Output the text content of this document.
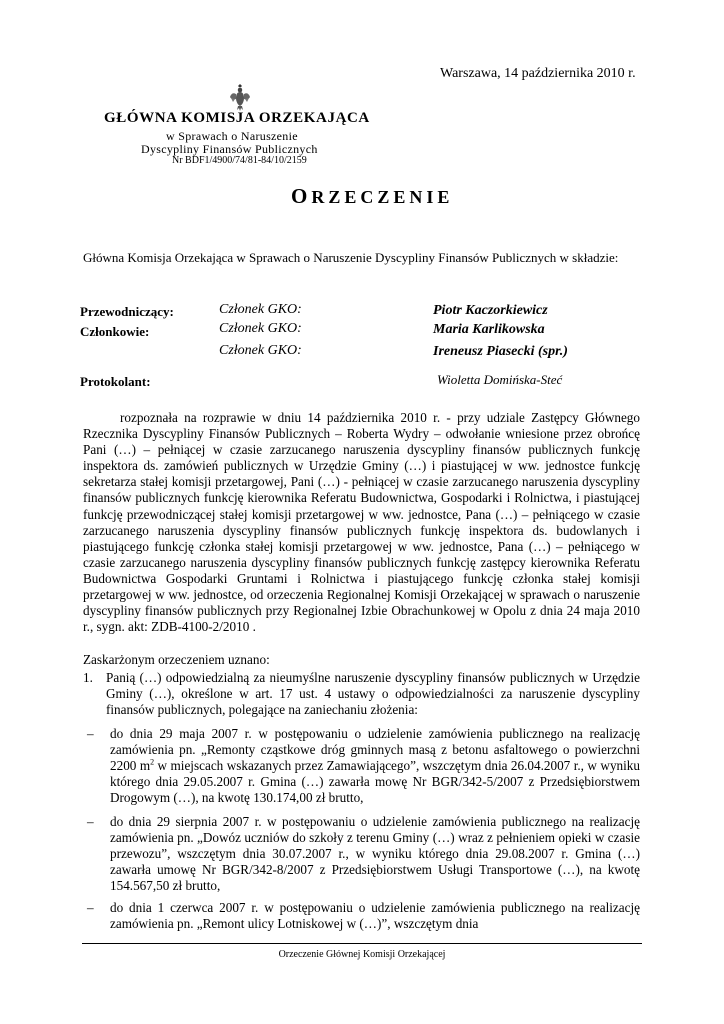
Warszawa, 14 października 2010 r.
GŁÓWNA KOMISJA ORZEKAJĄCA
w Sprawach o Naruszenie
Dyscypliny Finansów Publicznych
Nr BDF1/4900/74/81-84/10/2159
ORZECZENIE
Główna Komisja Orzekająca w Sprawach o Naruszenie Dyscypliny Finansów Publicznych w składzie:
Przewodniczący:
Członkowie:
Protokolant:
Członek GKO:
Członek GKO:
Członek GKO:
Piotr Kaczorkiewicz
Maria Karlikowska
Ireneusz Piasecki (spr.)
Wioletta Domińska-Steć
rozpoznała na rozprawie w dniu 14 października 2010 r. - przy udziale Zastępcy Głównego Rzecznika Dyscypliny Finansów Publicznych – Roberta Wydry – odwołanie wniesione przez obrońcę Pani (…) – pełniącej w czasie zarzucanego naruszenia dyscypliny finansów publicznych funkcję inspektora ds. zamówień publicznych w Urzędzie Gminy (…) i piastującej w ww. jednostce funkcję sekretarza stałej komisji przetargowej, Pani (…) - pełniącej w czasie zarzucanego naruszenia dyscypliny finansów publicznych funkcję kierownika Referatu Budownictwa, Gospodarki i Rolnictwa, i piastującej funkcję przewodniczącej stałej komisji przetargowej w ww. jednostce, Pana (…) – pełniącego w czasie zarzucanego naruszenia dyscypliny finansów publicznych funkcję inspektora ds. budowlanych i piastującego funkcję członka stałej komisji przetargowej w ww. jednostce, Pana (…) – pełniącego w czasie zarzucanego naruszenia dyscypliny finansów publicznych funkcję zastępcy kierownika Referatu Budownictwa Gospodarki Gruntami i Rolnictwa i piastującego funkcję członka stałej komisji przetargowej w ww. jednostce, od orzeczenia Regionalnej Komisji Orzekającej w sprawach o naruszenie dyscypliny finansów publicznych przy Regionalnej Izbie Obrachunkowej w Opolu z dnia 24 maja 2010 r., sygn. akt: ZDB-4100-2/2010 .
Zaskarżonym orzeczeniem uznano:
1. Panią (…) odpowiedzialną za nieumyślne naruszenie dyscypliny finansów publicznych w Urzędzie Gminy (…), określone w art. 17 ust. 4 ustawy o odpowiedzialności za naruszenie dyscypliny finansów publicznych, polegające na zaniechaniu złożenia:
– do dnia 29 maja 2007 r. w postępowaniu o udzielenie zamówienia publicznego na realizację zamówienia pn. „Remonty cząstkowe dróg gminnych masą z betonu asfaltowego o powierzchni 2200 $m^2$ w miejscach wskazanych przez Zamawiającego”, wszczętym dnia 26.04.2007 r., w wyniku którego dnia 29.05.2007 r. Gmina (…) zawarła mowę Nr BGR/342-5/2007 z Przedsiębiorstwem Drogowym (…), na kwotę 130.174,00 zł brutto,
– do dnia 29 sierpnia 2007 r. w postępowaniu o udzielenie zamówienia publicznego na realizację zamówienia pn. „Dowóz uczniów do szkoły z terenu Gminy (…) wraz z pełnieniem opieki w czasie przewozu”, wszczętym dnia 30.07.2007 r., w wyniku którego dnia 29.08.2007 r. Gmina (…) zawarła umowę Nr BGR/342-8/2007 z Przedsiębiorstwem Usługi Transportowe (…), na kwotę 154.567,50 zł brutto,
– do dnia 1 czerwca 2007 r. w postępowaniu o udzielenie zamówienia publicznego na realizację zamówienia pn. „Remont ulicy Lotniskowej w (…)”, wszczętym dnia
Orzeczenie Głównej Komisji Orzekającej
